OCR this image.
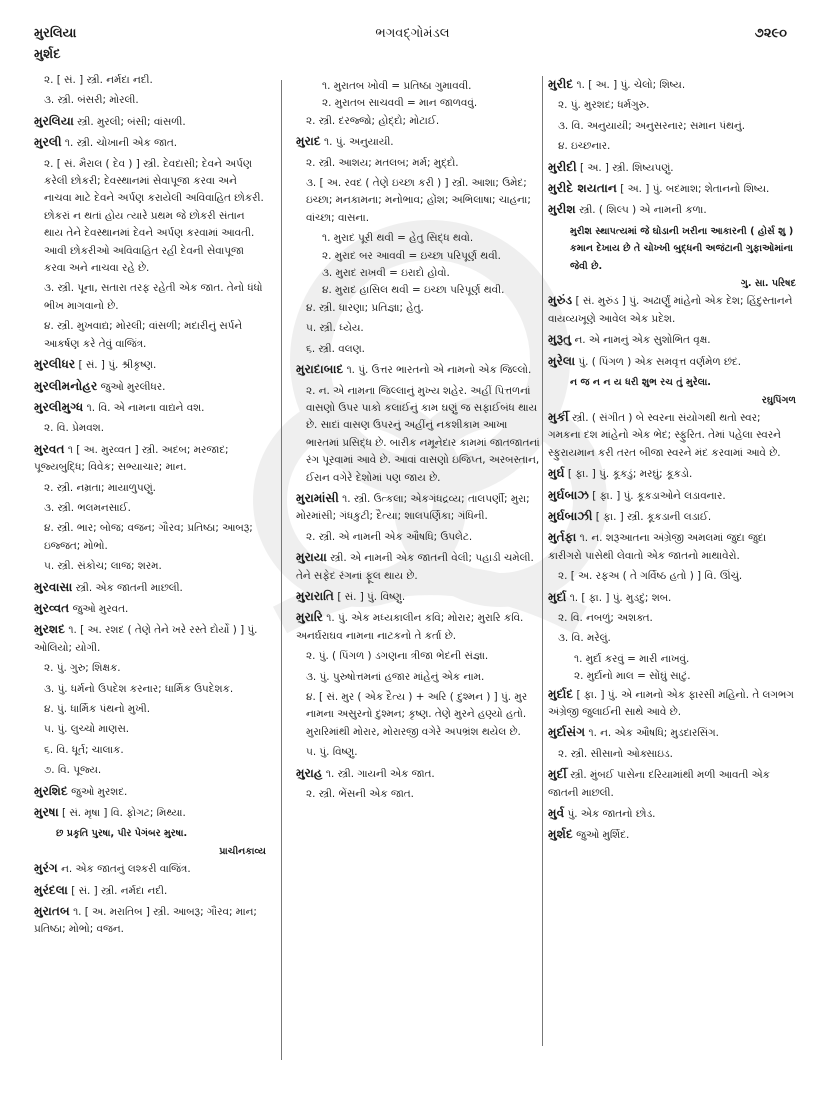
મુરલિયા	ભગવદ્ગોમંડલ	૭૨૯૦
મુર્શદ
૨. [ સં. ] સ્ત્રી. નર્મદા નદી.
૩. સ્ત્રી. બંસરી; મોરલી.
મુરલિયા સ્ત્રી. મુરલી; બંસી; વાંસળી.
મુરલી ૧. સ્ત્રી. ચોખાની એક જાત.
૨. [ સં. મૈરાલ ( દેવ ) ] સ્ત્રી. દેવદાસી; દેવને અર્પણ કરેલી છોકરી; દેવસ્થાનમાં સેવાપૂજા કરવા અને નાચવા માટે દેવને અર્પણ કરાયેલી અવિવાહિત છોકરી. છોકરાં ન થતાં હોય ત્યારે પ્રથમ જે છોકરી સંતાન થાય તેને દેવસ્થાનમાં દેવને અર્પણ કરવામાં આવતી. આવી છોકરીઓ અવિવાહિત રહી દેવની સેવાપૂજા કરવા અને નાચવા રહે છે.
૩. સ્ત્રી. પૂના, સતારા તરફ રહેતી એક જાત. તેનો ધંધો ભીખ માગવાનો છે.
૪. સ્ત્રી. મુખવાદ્ય; મોરલી; વાંસળી; મદારીનું સર્પને આકર્ષણ કરે તેવું વાજિંત્ર.
મુરલીધર [ સં. ] પું. શ્રીકૃષ્ણ.
મુરલીમનોહર જુઓ મુરલીધર.
મુરલીમુગ્ધ ૧. વિ. એ નામના વાદ્યને વશ.
૨. વિ. પ્રેમવશ.
મુરવત ૧ [ અ. મુરવ્વત ] સ્ત્રી. અદબ; મરજાદ; પૂજ્યબુદ્ધિ; વિવેક; સભ્યાચાર; માન.
૨. સ્ત્રી. નમ્રતા; માયાળુપણું.
૩. સ્ત્રી. ભલમનસાઈ.
૪. સ્ત્રી. ભાર; બોજ; વજન; ગૌરવ; પ્રતિષ્ઠા; આબરૂ; ઇજ્જત; મોભો.
૫. સ્ત્રી. સંકોચ; લાજ; શરમ.
મુરવાસા સ્ત્રી. એક જાતની માછલી.
મુરવ્વત જુઓ મુરવત.
મુરશદ ૧. [ અ. રશદ ( તેણે તેને ખરે રસ્તે દોર્યો ) ] પું. ઓલિયો; યોગી.
૨. પું. ગુરુ; શિક્ષક.
૩. પું. ધર્મનો ઉપદેશ કરનાર; ધાર્મિક ઉપદેશક.
૪. પું. ધાર્મિક પંથનો મુખી.
૫. પું. લુચ્ચો માણસ.
૬. વિ. ધૂર્ત; ચાલાક.
૭. વિ. પૂજ્ય.
મુરશિદ જુઓ મુરશદ.
મુરષા [ સં. મૃષા ] વિ. ફોગટ; મિથ્યા.
છ પ્રકૃતિ પુરષા, પીર પેગંબર મુરષા.
પ્રાચીનકાવ્ય
મુરંગ ન. એક જાતનું લશ્કરી વાજિંત્ર.
મુરંદલા [ સં. ] સ્ત્રી. નર્મદા નદી.
મુરાતબ ૧. [ અ. મરાતિબ ] સ્ત્રી. આબરૂ; ગૌરવ; માન; પ્રતિષ્ઠા; મોભો; વજન.
૧. મુરાતબ ખોવી = પ્રતિષ્ઠા ગુમાવવી.
૨. મુરાતબ સાચવવી = માન જાળવવું.
૨. સ્ત્રી. દરજ્જો; હોદ્દો; મોટાઈ.
મુરાદ ૧. પું. અનુયાયી.
૨. સ્ત્રી. આશય; મતલબ; મર્મ; મુદ્દો.
૩. [ અ. રવદ ( તેણે ઇચ્છા કરી ) ] સ્ત્રી. આશા; ઉમેદ; ઇચ્છા; મનકામના; મનોભાવ; હોંશ; અભિલાષા; ચાહના; વાંચ્છા; વાસના.
૧. મુરાદ પૂરી થવી = હેતુ સિદ્ધ થવો.
૨. મુરાદ બર આવવી = ઇચ્છા પરિપૂર્ણ થવી.
૩. મુરાદ રાખવી = ઇરાદો હોવો.
૪. મુરાદ હાસિલ થવી = ઇચ્છા પરિપૂર્ણ થવી.
૪. સ્ત્રી. ધારણા; પ્રતિજ્ઞા; હેતુ.
૫. સ્ત્રી. ધ્યેય.
૬. સ્ત્રી. વલણ.
મુરાદાબાદ ૧. પું. ઉત્તર ભારતનો એ નામનો એક જિલ્લો.
૨. ન. એ નામના જિલ્લાનું મુખ્ય શહેર. અહીં પિત્તળનાં વાસણો ઉપર પાકો કલાઈનું કામ ઘણું જ સફાઈબંધ થાય છે. સાદાં વાસણ ઉપરનું અહીંનું નકશીકામ આખા ભારતમાં પ્રસિદ્ધ છે. બારીક નમૂનેદાર કામમાં જાતજાતનાં રંગ પૂરવામાં આવે છે. આવાં વાસણો ઇજિપ્ત, અરબસ્તાન, ઈરાન વગેરે દેશોમાં પણ જાય છે.
મુરામાંસી ૧. સ્ત્રી. ઉત્કલા; એકગંધદ્રવ્ય; તાલપર્ણી; મુરા; મોરમાંસી; ગંધકુટી; દૈત્યા; શાલપર્ણિકા; ગંધિની.
૨. સ્ત્રી. એ નામની એક ઔષધિ; ઉપલેટ.
મુરાયા સ્ત્રી. એ નામની એક જાતની વેલી; પહાડી ચમેલી. તેને સફેદ રંગનાં ફૂલ થાય છે.
મુરારાતિ [ સં. ] પું. વિષ્ણુ.
મુરારિ ૧. પું. એક મધ્યકાલીન કવિ; મોરાર; મુરારિ કવિ. અનર્ઘરાઘવ નામના નાટકનો તે કર્તા છે.
૨. પું. ( પિંગળ ) ડગણના ત્રીજા ભેદની સંજ્ઞા.
૩. પું. પુરુષોત્તમનાં હજાર માંહેનું એક નામ.
૪. [ સં. મુર ( એક દૈત્ય ) + અરિ ( દુશ્મન ) ] પું. મુર નામના અસુરનો દુશ્મન; કૃષ્ણ. તેણે મુરને હણ્યો હતો. મુરારિમાંથી મોરાર, મોરારજી વગેરે અપભ્રંશ થયેલ છે.
૫. પું. વિષ્ણુ.
મુરાહ ૧. સ્ત્રી. ગાયની એક જાત.
૨. સ્ત્રી. ભેંસની એક જાત.
મુરીદ ૧. [ અ. ] પું. ચેલો; શિષ્ય.
૨. પું. મુરશદ; ધર્મગુરુ.
૩. વિ. અનુયાયી; અનુસરનાર; સમાન પંથનું.
૪. ઇચ્છનાર.
મુરીદી [ અ. ] સ્ત્રી. શિષ્યપણું.
મુરીદે શયતાન [ અ. ] પું. બદમાશ; શેતાનનો શિષ્ય.
મુરીશ સ્ત્રી. ( શિલ્પ ) એ નામની કળા.
મુરીશ સ્થાપત્યમાં જે ઘોડાની ખરીના આકારની ( હોર્સ શુ ) કમાન દેખાય છે તે ચોખ્ખી બુદ્ધની અજંટાની ગુફાઓમાંના જેવી છે.
ગુ. સા. પરિષદ
મુરુંડ [ સં. મુરુંડ ] પું. અઢાર્ણું માંહેનો એક દેશ; હિંદુસ્તાનને વાયવ્યખૂણે આવેલ એક પ્રદેશ.
મુરૂતુ ન. એ નામનું એક સુશોભિત વૃક્ષ.
મુરેલા પું. ( પિંગળ ) એક સમવૃત્ત વર્ણમેળ છંદ.
ન જ ન ન ય ધરી શુભ રચ તું મુરેલા.
રઘુપિંગળ
મુર્કી સ્ત્રી. ( સંગીત ) બે સ્વરના સંયોગથી થતો સ્વર; ગમકના દશ માંહેનો એક ભેદ; સ્ફુરિત. તેમાં પહેલા સ્વરને સ્ફુરાયમાન કરી તરત બીજા સ્વરને મંદ કરવામાં આવે છે.
મુર્ઘ [ ફા. ] પું. કૂકડું; મરઘું; કૂકડો.
મુર્ઘબાઝ [ ફા. ] પું. કૂકડાઓને લડાવનાર.
મુર્ઘબાઝી [ ફા. ] સ્ત્રી. કૂકડાની લડાઈ.
મુર્તફા ૧. ન. શરૂઆતના અંગ્રેજી અમલમાં જુદા જુદા કારીગરો પાસેથી લેવાતો એક જાતનો માથાવેરો.
૨. [ અ. રફઅ ( તે ગર્વિષ્ઠ હતો ) ] વિ. ઊંચું.
મુર્દા ૧. [ ફા. ] પું. મુડદું; શબ.
૨. વિ. નબળું; અશક્ત.
૩. વિ. મરેલું.
૧. મુર્દા કરવું = મારી નાખવું.
૨. મુર્દાનો માલ = સોંઘું સાટું.
મુર્દાદ [ ફા. ] પું. એ નામનો એક ફારસી મહિનો. તે લગભગ અંગ્રેજી જુલાઈની સાથે આવે છે.
મુર્દાસંગ ૧. ન. એક ઔષધિ; મુડદારસિંગ.
૨. સ્ત્રી. સીસાનો ઓક્સાઇડ.
મુર્દી સ્ત્રી. મુંબઈ પાસેના દરિયામાંથી મળી આવતી એક જાતની માછલી.
મુર્વ પું. એક જાતનો છોડ.
મુર્શદ જુઓ મુર્શિદ.
